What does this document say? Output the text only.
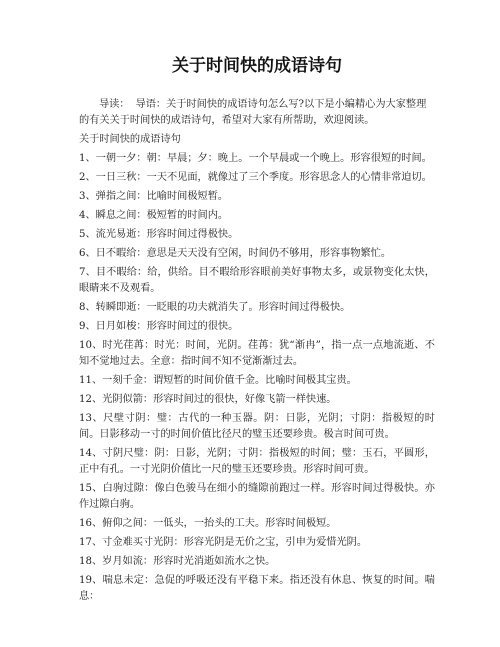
关于时间快的成语诗句

导读： 导语：关于时间快的成语诗句怎么写?以下是小编精心为大家整理的有关关于时间快的成语诗句，希望对大家有所帮助，欢迎阅读。

关于时间快的成语诗句

1、一朝一夕：朝：早晨；夕：晚上。一个早晨或一个晚上。形容很短的时间。
2、一日三秋：一天不见面，就像过了三个季度。形容思念人的心情非常迫切。
3、弹指之间：比喻时间极短暂。
4、瞬息之间：极短暂的时间内。
5、流光易逝：形容时间过得极快。
6、日不暇给：意思是天天没有空闲，时间仍不够用，形容事物繁忙。
7、目不暇给：给，供给。目不暇给形容眼前美好事物太多，或景物变化太快，眼睛来不及观看。
8、转瞬即逝：一眨眼的功夫就消失了。形容时间过得极快。
9、日月如梭：形容时间过的很快。
10、时光荏苒：时光：时间，光阴。荏苒：犹“渐冉”，指一点一点地流逝、不知不觉地过去。全意：指时间不知不觉渐渐过去。
11、一刻千金：谓短暂的时间价值千金。比喻时间极其宝贵。
12、光阴似箭：形容时间过的很快，好像飞箭一样快速。
13、尺壁寸阴：璧：古代的一种玉器。阴：日影，光阴；寸阴：指极短的时间。日影移动一寸的时间价值比径尺的璧玉还要珍贵。极言时间可贵。
14、寸阴尺璧：阴：日影，光阴；寸阴：指极短的时间；璧：玉石，平圆形，正中有孔。一寸光阴价值比一尺的璧玉还要珍贵。形容时间可贵。
15、白驹过隙：像白色骏马在细小的缝隙前跑过一样。形容时间过得极快。亦作过隙白驹。
16、俯仰之间：一低头，一抬头的工夫。形容时间极短。
17、寸金难买寸光阴：形容光阴是无价之宝，引申为爱惜光阴。
18、岁月如流：形容时光消逝如流水之快。
19、喘息未定：急促的呼吸还没有平稳下来。指还没有休息、恢复的时间。喘息：
